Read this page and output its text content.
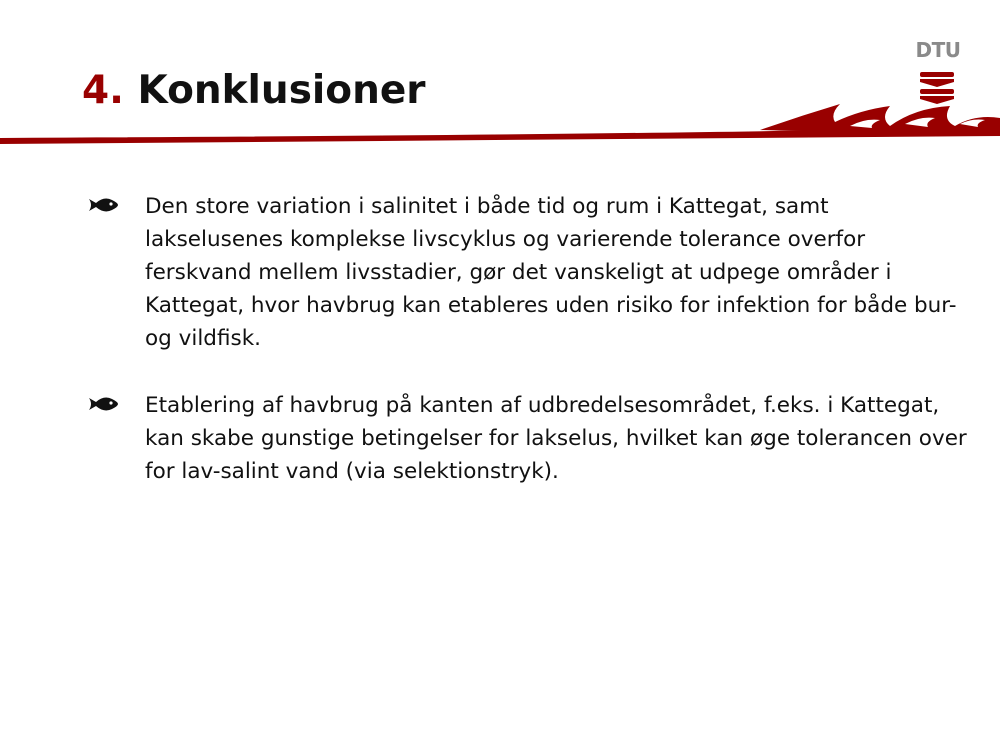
4. Konklusioner
DTU
Den store variation i salinitet i både tid og rum i Kattegat, samt lakselusenes komplekse livscyklus og varierende tolerance overfor ferskvand mellem livsstadier, gør det vanskeligt at udpege områder i Kattegat, hvor havbrug kan etableres uden risiko for infektion for både bur- og vildfisk.
Etablering af havbrug på kanten af udbredelsesområdet, f.eks. i Kattegat, kan skabe gunstige betingelser for lakselus, hvilket kan øge tolerancen over for lav-salint vand (via selektionstryk).
